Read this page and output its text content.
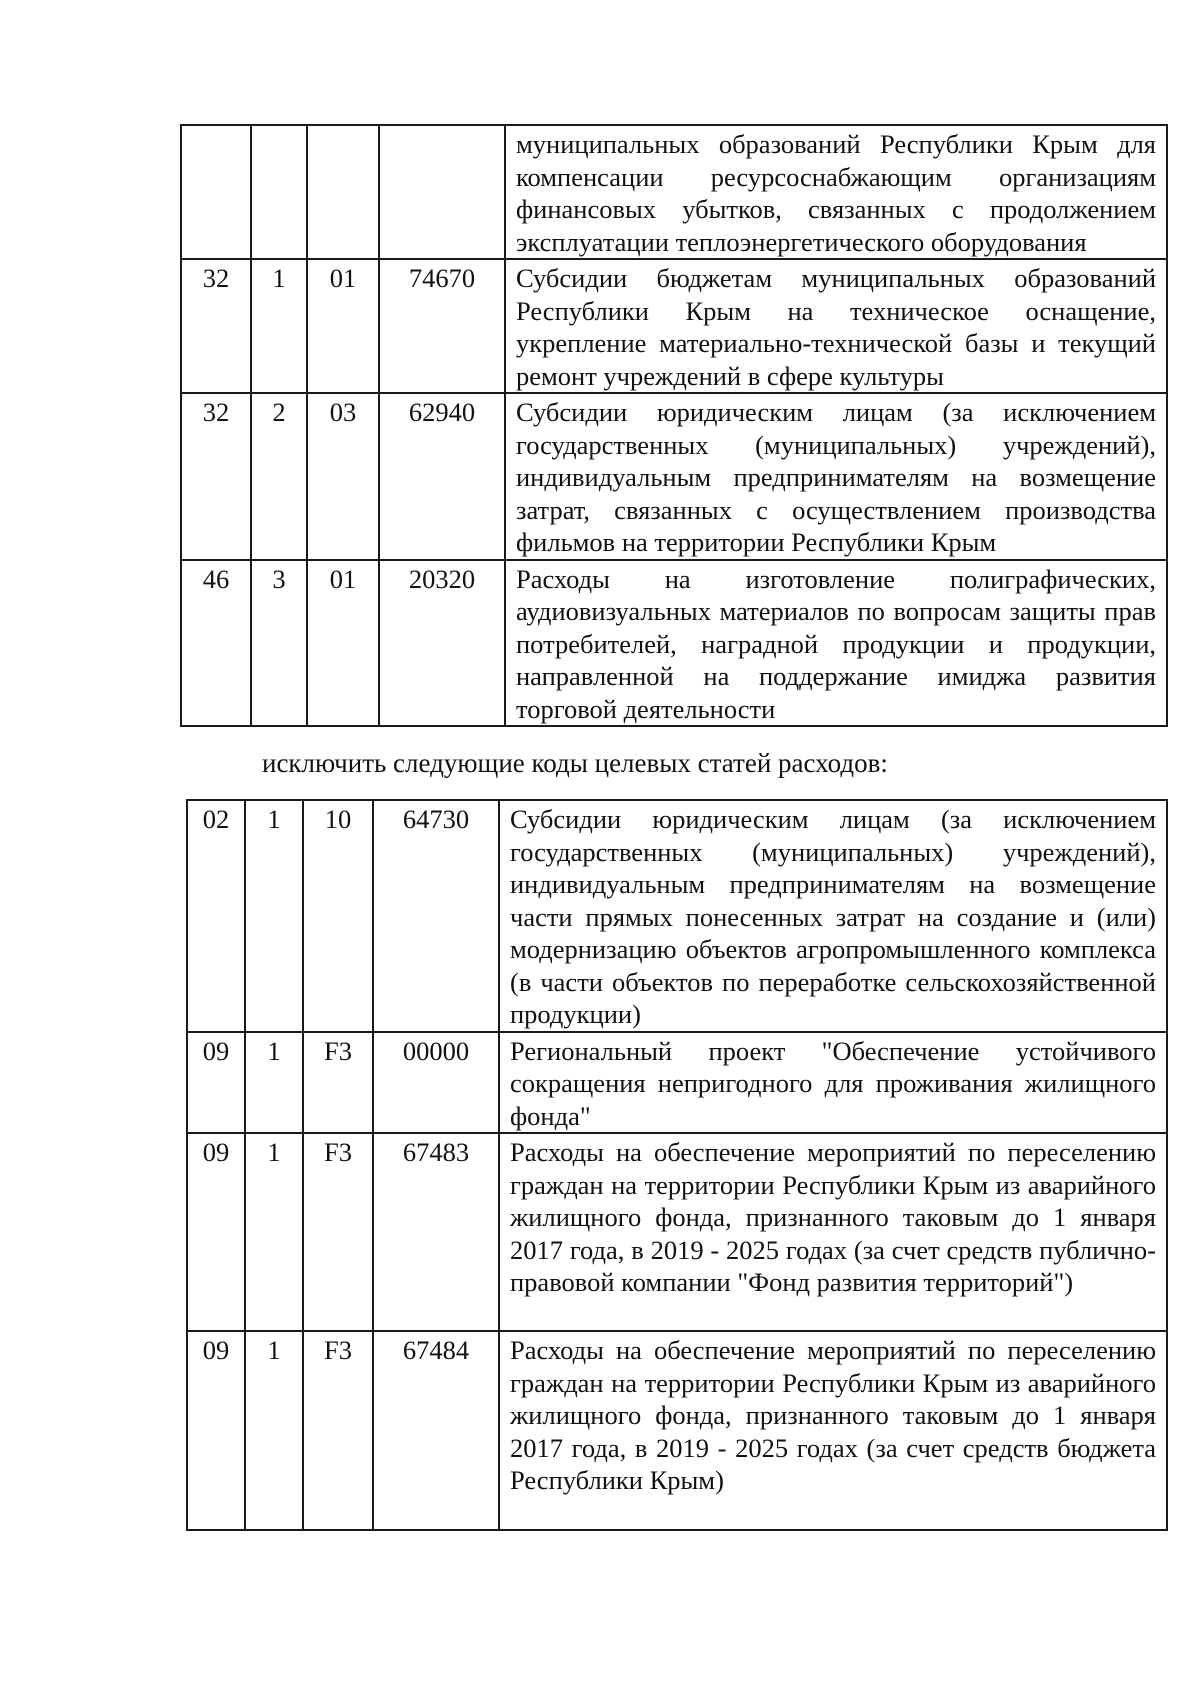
				муниципальных образований Республики Крым для компенсации ресурсоснабжающим организациям финансовых убытков, связанных с продолжением эксплуатации теплоэнергетического оборудования
32	1	01	74670	Субсидии бюджетам муниципальных образований Республики Крым на техническое оснащение, укрепление материально-технической базы и текущий ремонт учреждений в сфере культуры
32	2	03	62940	Субсидии юридическим лицам (за исключением государственных (муниципальных) учреждений), индивидуальным предпринимателям на возмещение затрат, связанных с осуществлением производства фильмов на территории Республики Крым
46	3	01	20320	Расходы на изготовление полиграфических, аудиовизуальных материалов по вопросам защиты прав потребителей, наградной продукции и продукции, направленной на поддержание имиджа развития торговой деятельности
исключить следующие коды целевых статей расходов:
02	1	10	64730	Субсидии юридическим лицам (за исключением государственных (муниципальных) учреждений), индивидуальным предпринимателям на возмещение части прямых понесенных затрат на создание и (или) модернизацию объектов агропромышленного комплекса (в части объектов по переработке сельскохозяйственной продукции)
09	1	F3	00000	Региональный проект "Обеспечение устойчивого сокращения непригодного для проживания жилищного фонда"
09	1	F3	67483	Расходы на обеспечение мероприятий по переселению граждан на территории Республики Крым из аварийного жилищного фонда, признанного таковым до 1 января 2017 года, в 2019 - 2025 годах (за счет средств публично-правовой компании "Фонд развития территорий")
09	1	F3	67484	Расходы на обеспечение мероприятий по переселению граждан на территории Республики Крым из аварийного жилищного фонда, признанного таковым до 1 января 2017 года, в 2019 - 2025 годах (за счет средств бюджета Республики Крым)
